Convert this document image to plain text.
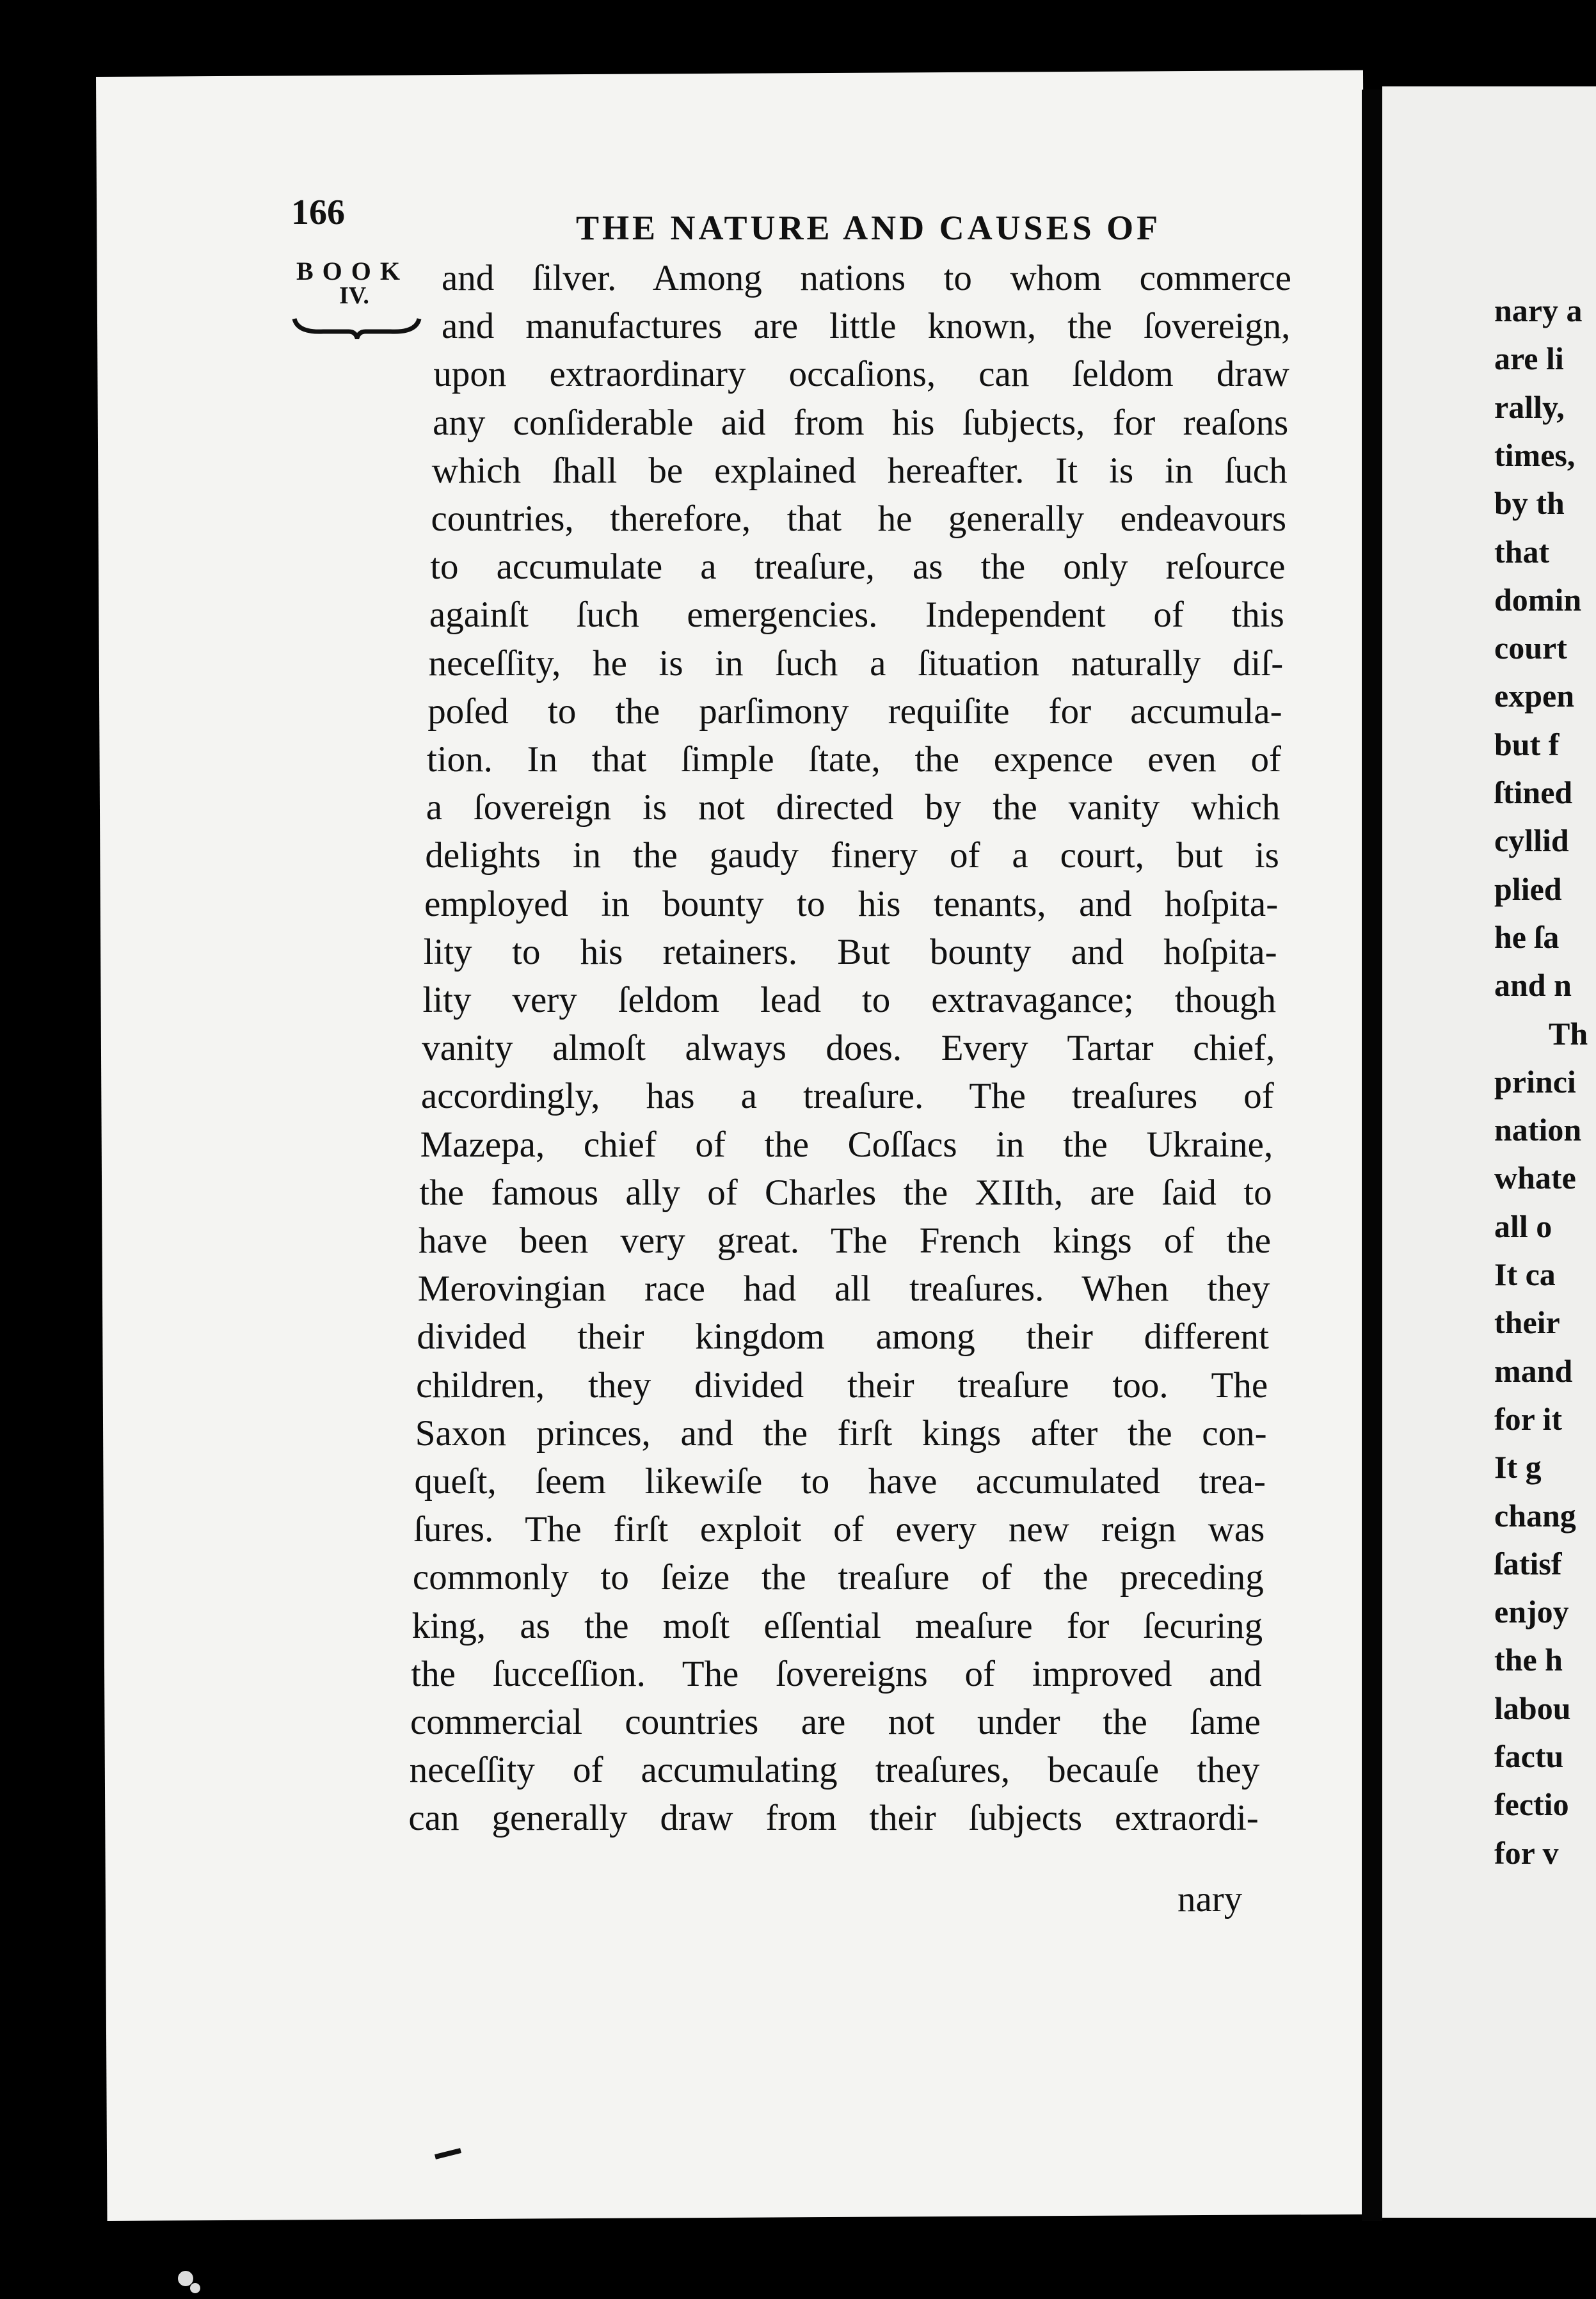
166	THE NATURE AND CAUSES OF
BOOK
IV. and ſilver. Among nations to whom commerce
and manufactures are little known, the ſovereign,
upon extraordinary occaſions, can ſeldom draw
any conſiderable aid from his ſubjects, for reaſons
which ſhall be explained hereafter. It is in ſuch
countries, therefore, that he generally endeavours
to accumulate a treaſure, as the only reſource
againſt ſuch emergencies. Independent of this
neceſſity, he is in ſuch a ſituation naturally diſ-
poſed to the parſimony requiſite for accumula-
tion. In that ſimple ſtate, the expence even of
a ſovereign is not directed by the vanity which
delights in the gaudy finery of a court, but is
employed in bounty to his tenants, and hoſpita-
lity to his retainers. But bounty and hoſpita-
lity very ſeldom lead to extravagance; though
vanity almoſt always does. Every Tartar chief,
accordingly, has a treaſure. The treaſures of
Mazepa, chief of the Coſſacs in the Ukraine,
the famous ally of Charles the XIIth, are ſaid to
have been very great. The French kings of the
Merovingian race had all treaſures. When they
divided their kingdom among their different
children, they divided their treaſure too. The
Saxon princes, and the firſt kings after the con-
queſt, ſeem likewiſe to have accumulated trea-
ſures. The firſt exploit of every new reign was
commonly to ſeize the treaſure of the preceding
king, as the moſt eſſential meaſure for ſecuring
the ſucceſſion. The ſovereigns of improved and
commercial countries are not under the ſame
neceſſity of accumulating treaſures, becauſe they
can generally draw from their ſubjects extraordi-
nary
nary a
are li
rally,
times,
by th
that
domin
court
expen
but f
ſtined
cyllid
plied
he ſa
and n
Th
princi
nation
whate
all o
It ca
their
mand
for it
It g
chang
ſatisf
enjoy
the h
labou
factu
fectio
for v
